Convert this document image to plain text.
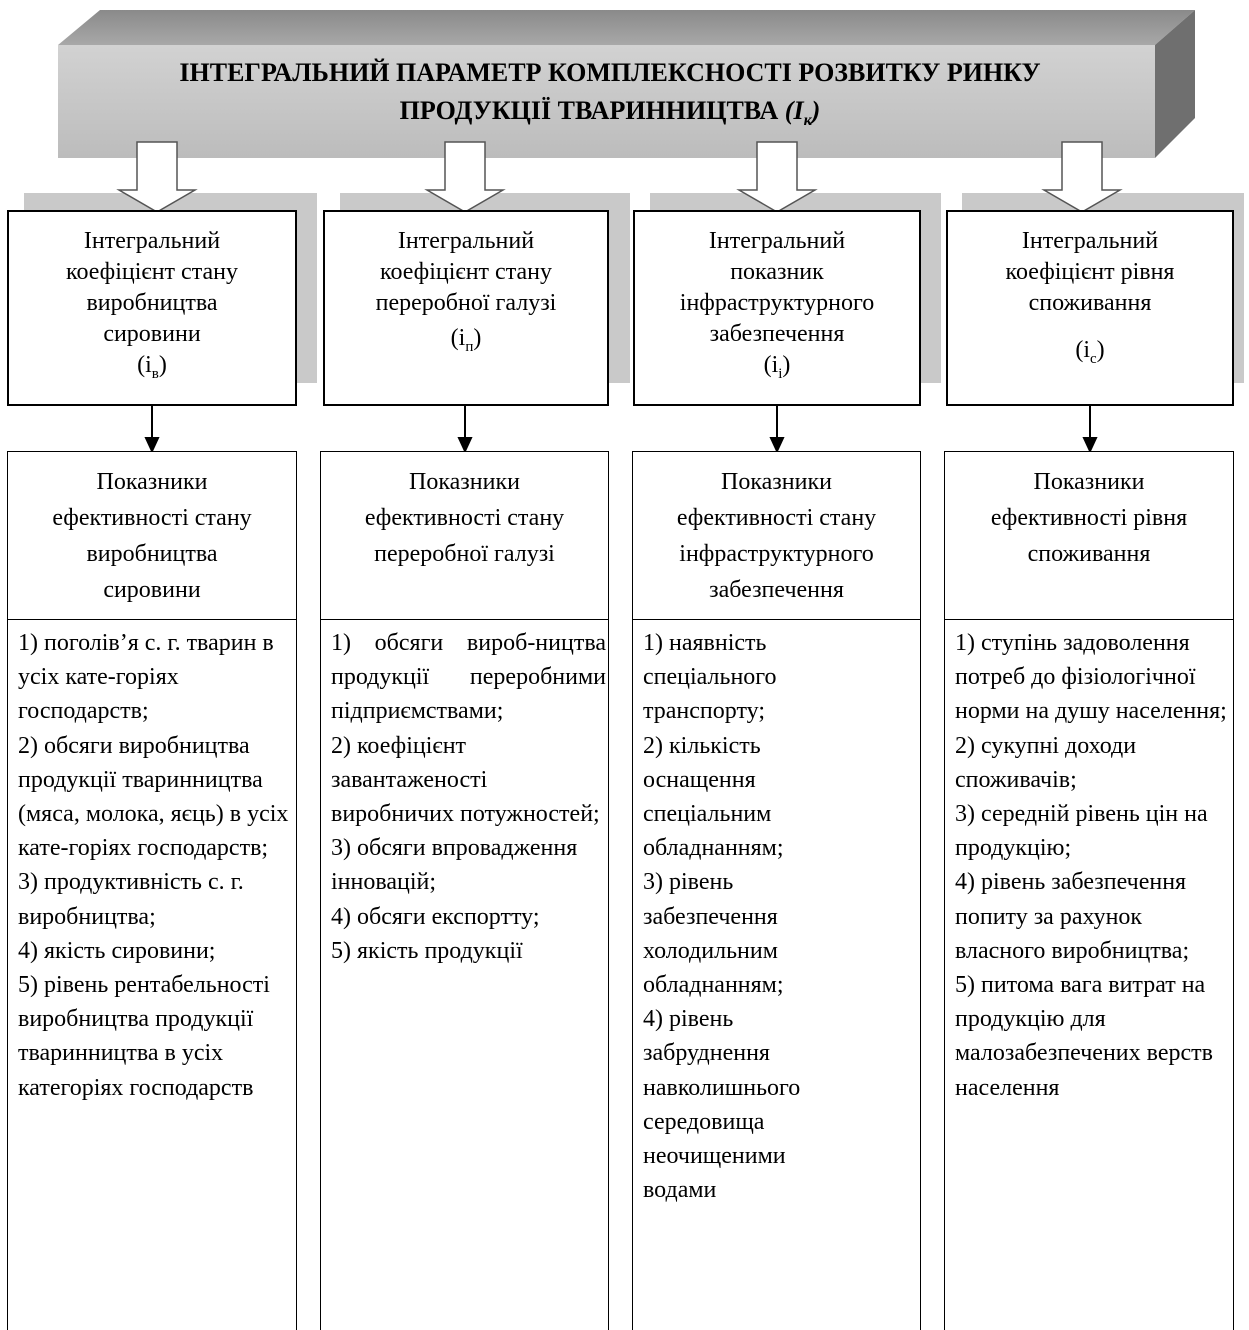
ІНТЕГРАЛЬНИЙ ПАРАМЕТР КОМПЛЕКСНОСТІ РОЗВИТКУ РИНКУ
ПРОДУКЦІЇ ТВАРИННИЦТВА $(I_к)$
Інтегральний
коефіцієнт стану
виробництва
сировини
$(i_в)$
Інтегральний
коефіцієнт стану
переробної галузі
$(i_п)$
Інтегральний
показник
інфраструктурного
забезпечення
$(i_i)$
Інтегральний
коефіцієнт рівня
споживання
$(i_с)$
Показники
ефективності стану
виробництва
сировини
Показники
ефективності стану
переробної галузі
Показники
ефективності стану
інфраструктурного
забезпечення
Показники
ефективності рівня
споживання
1) поголів’я с. г. тварин в усіх кате-горіях господарств;
2) обсяги виробництва продукції тваринництва (мяса, молока, яєць) в усіх кате-горіях господарств;
3) продуктивність с. г. виробництва;
4) якість сировини;
5) рівень рентабельності виробництва продукції тваринництва в усіх категоріях господарств
1) обсяги вироб-ництва продукції переробними підприємствами;
2) коефіцієнт завантаженості виробничих потужностей;
3) обсяги впровадження інновацій;
4) обсяги експортту;
5) якість продукції
1) наявність спеціального транспорту;
2) кількість оснащення спеціальним обладнанням;
3) рівень забезпечення холодильним обладнанням;
4) рівень забруднення навколишнього середовища неочищеними водами
1) ступінь задоволення потреб до фізіологічної норми на душу населення;
2) сукупні доходи споживачів;
3) середній рівень цін на продукцію;
4) рівень забезпечення попиту за рахунок власного виробництва;
5) питома вага витрат на продукцію для малозабезпечених верств населення
